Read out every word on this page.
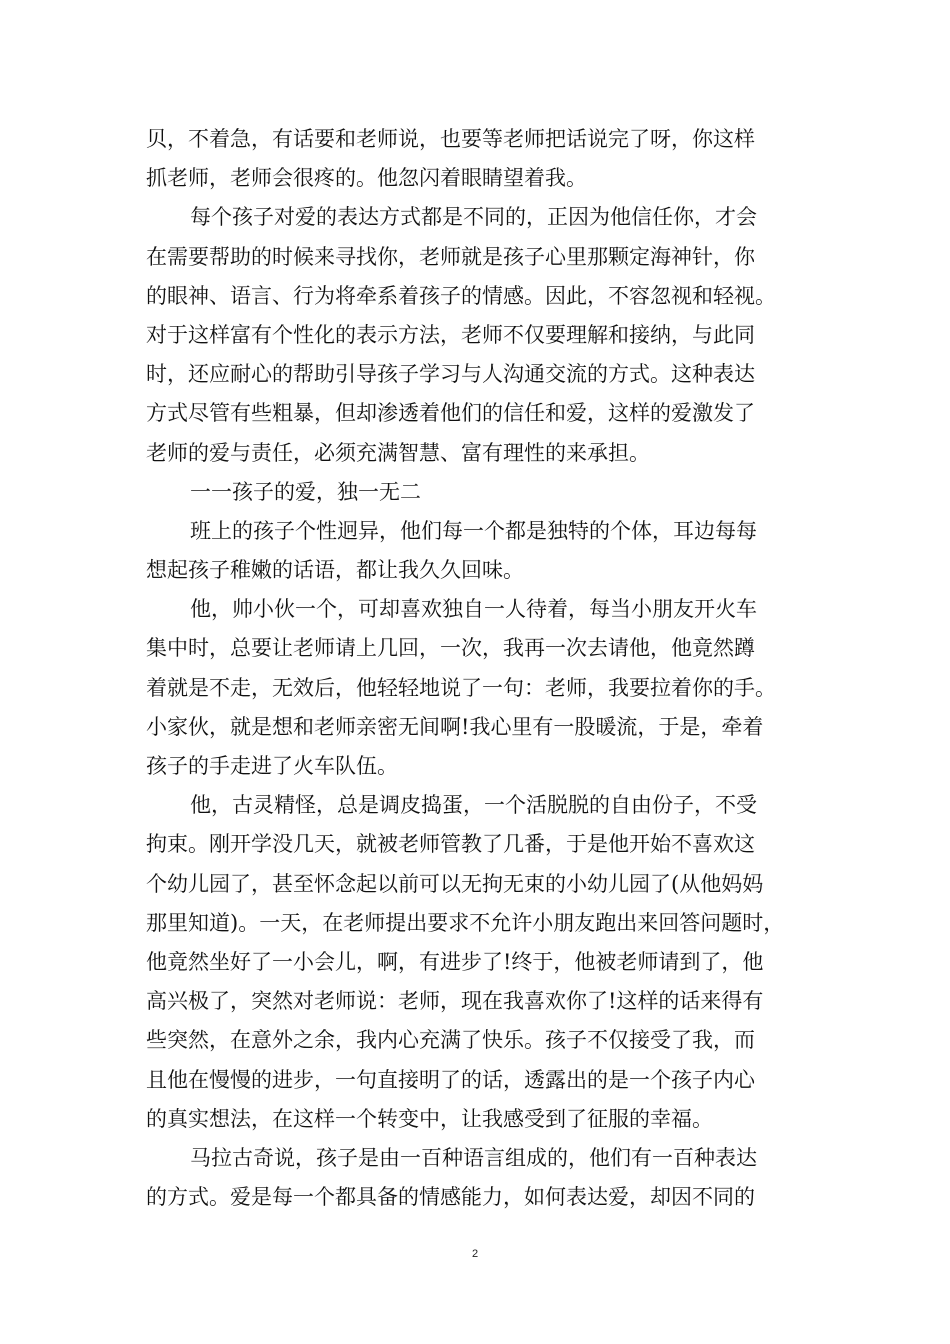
贝，不着急，有话要和老师说，也要等老师把话说完了呀，你这样
抓老师，老师会很疼的。他忽闪着眼睛望着我。
每个孩子对爱的表达方式都是不同的，正因为他信任你，才会
在需要帮助的时候来寻找你，老师就是孩子心里那颗定海神针，你
的眼神、语言、行为将牵系着孩子的情感。因此，不容忽视和轻视。
对于这样富有个性化的表示方法，老师不仅要理解和接纳，与此同
时，还应耐心的帮助引导孩子学习与人沟通交流的方式。这种表达
方式尽管有些粗暴，但却渗透着他们的信任和爱，这样的爱激发了
老师的爱与责任，必须充满智慧、富有理性的来承担。
一一孩子的爱，独一无二
班上的孩子个性迥异，他们每一个都是独特的个体，耳边每每
想起孩子稚嫩的话语，都让我久久回味。
他，帅小伙一个，可却喜欢独自一人待着，每当小朋友开火车
集中时，总要让老师请上几回，一次，我再一次去请他，他竟然蹲
着就是不走，无效后，他轻轻地说了一句：老师，我要拉着你的手。
小家伙，就是想和老师亲密无间啊!我心里有一股暖流，于是，牵着
孩子的手走进了火车队伍。
他，古灵精怪，总是调皮捣蛋，一个活脱脱的自由份子，不受
拘束。刚开学没几天，就被老师管教了几番，于是他开始不喜欢这
个幼儿园了，甚至怀念起以前可以无拘无束的小幼儿园了(从他妈妈
那里知道)。一天，在老师提出要求不允许小朋友跑出来回答问题时，
他竟然坐好了一小会儿，啊，有进步了!终于，他被老师请到了，他
高兴极了，突然对老师说：老师，现在我喜欢你了!这样的话来得有
些突然，在意外之余，我内心充满了快乐。孩子不仅接受了我，而
且他在慢慢的进步，一句直接明了的话，透露出的是一个孩子内心
的真实想法，在这样一个转变中，让我感受到了征服的幸福。
马拉古奇说，孩子是由一百种语言组成的，他们有一百种表达
的方式。爱是每一个都具备的情感能力，如何表达爱，却因不同的
2
